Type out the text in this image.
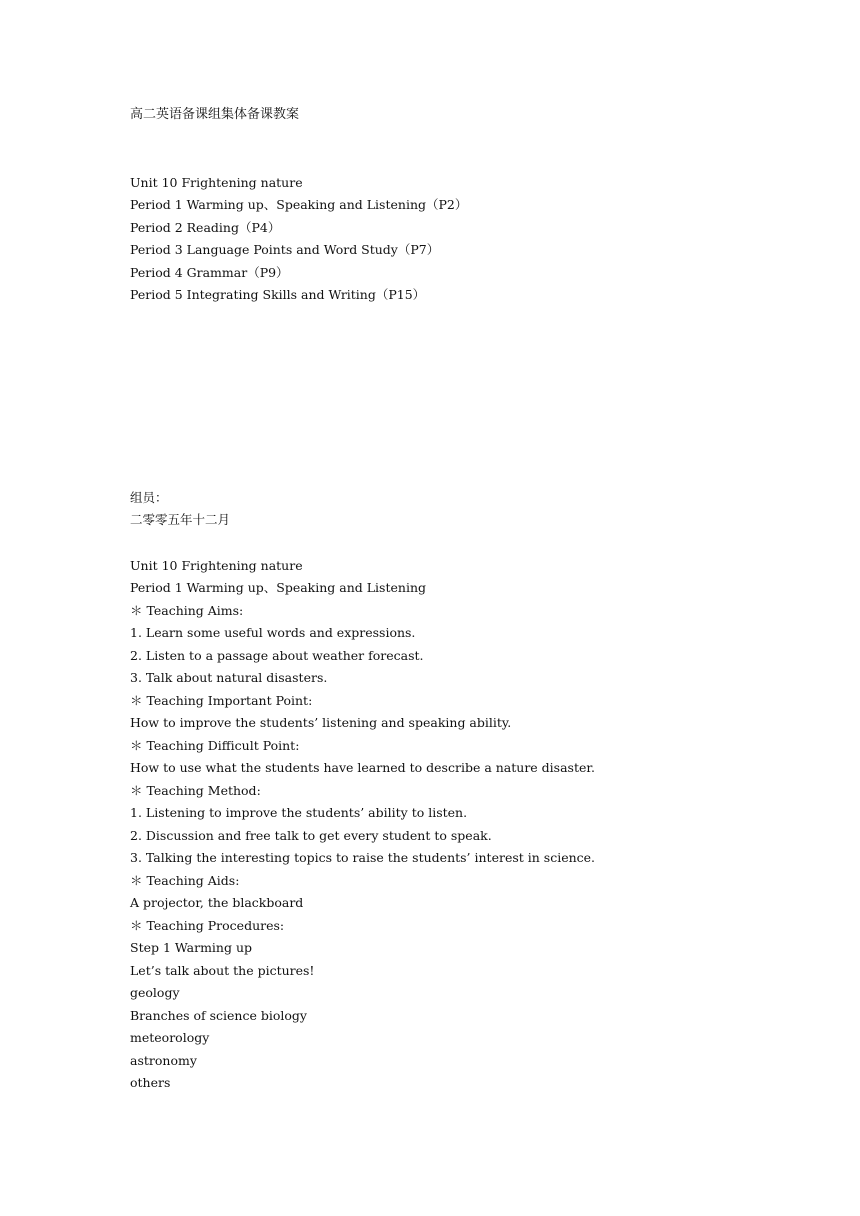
高二英语备课组集体备课教案
Unit 10 Frightening nature
Period 1 Warming up、Speaking and Listening（P2）
Period 2 Reading（P4）
Period 3 Language Points and Word Study（P7）
Period 4 Grammar（P9）
Period 5 Integrating Skills and Writing（P15）
组员：
二零零五年十二月
Unit 10 Frightening nature
Period 1 Warming up、Speaking and Listening
＊ Teaching Aims:
1. Learn some useful words and expressions.
2. Listen to a passage about weather forecast.
3. Talk about natural disasters.
＊ Teaching Important Point:
How to improve the students’ listening and speaking ability.
＊ Teaching Difficult Point:
How to use what the students have learned to describe a nature disaster.
＊ Teaching Method:
1. Listening to improve the students’ ability to listen.
2. Discussion and free talk to get every student to speak.
3. Talking the interesting topics to raise the students’ interest in science.
＊ Teaching Aids:
A projector, the blackboard
＊ Teaching Procedures:
Step 1 Warming up
Let’s talk about the pictures!
geology
Branches of science biology
meteorology
astronomy
others
